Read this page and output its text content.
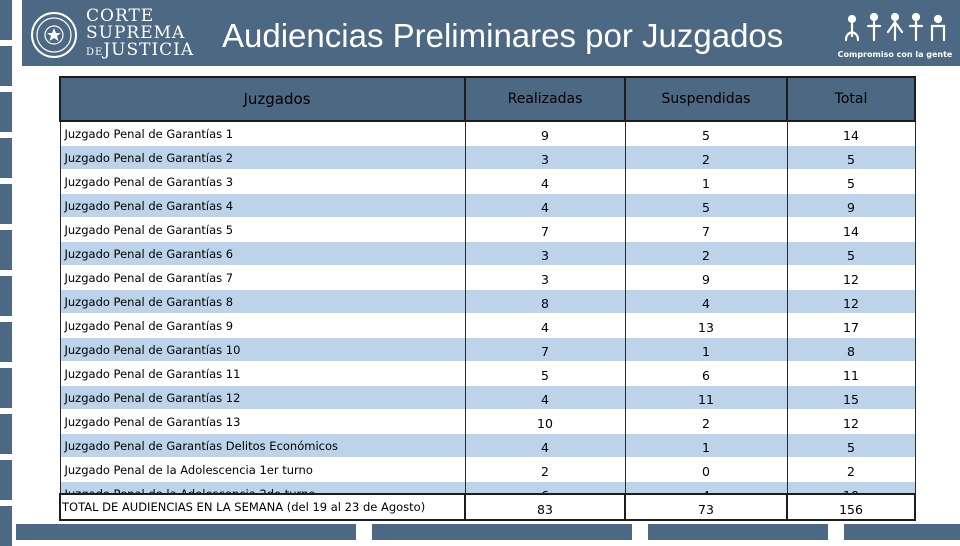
CORTE
SUPREMA
DEJUSTICIA Audiencias Preliminares por Juzgados
Compromiso con la gente
Juzgados	Realizadas	Suspendidas	Total
Juzgado Penal de Garantías 1	9	5	14
Juzgado Penal de Garantías 2	3	2	5
Juzgado Penal de Garantías 3	4	1	5
Juzgado Penal de Garantías 4	4	5	9
Juzgado Penal de Garantías 5	7	7	14
Juzgado Penal de Garantías 6	3	2	5
Juzgado Penal de Garantías 7	3	9	12
Juzgado Penal de Garantías 8	8	4	12
Juzgado Penal de Garantías 9	4	13	17
Juzgado Penal de Garantías 10	7	1	8
Juzgado Penal de Garantías 11	5	6	11
Juzgado Penal de Garantías 12	4	11	15
Juzgado Penal de Garantías 13	10	2	12
Juzgado Penal de Garantías Delitos Económicos	4	1	5
Juzgado Penal de la Adolescencia 1er turno	2	0	2

TOTAL DE AUDIENCIAS EN LA SEMANA (del 19 al 23 de Agosto)	83	73	156
